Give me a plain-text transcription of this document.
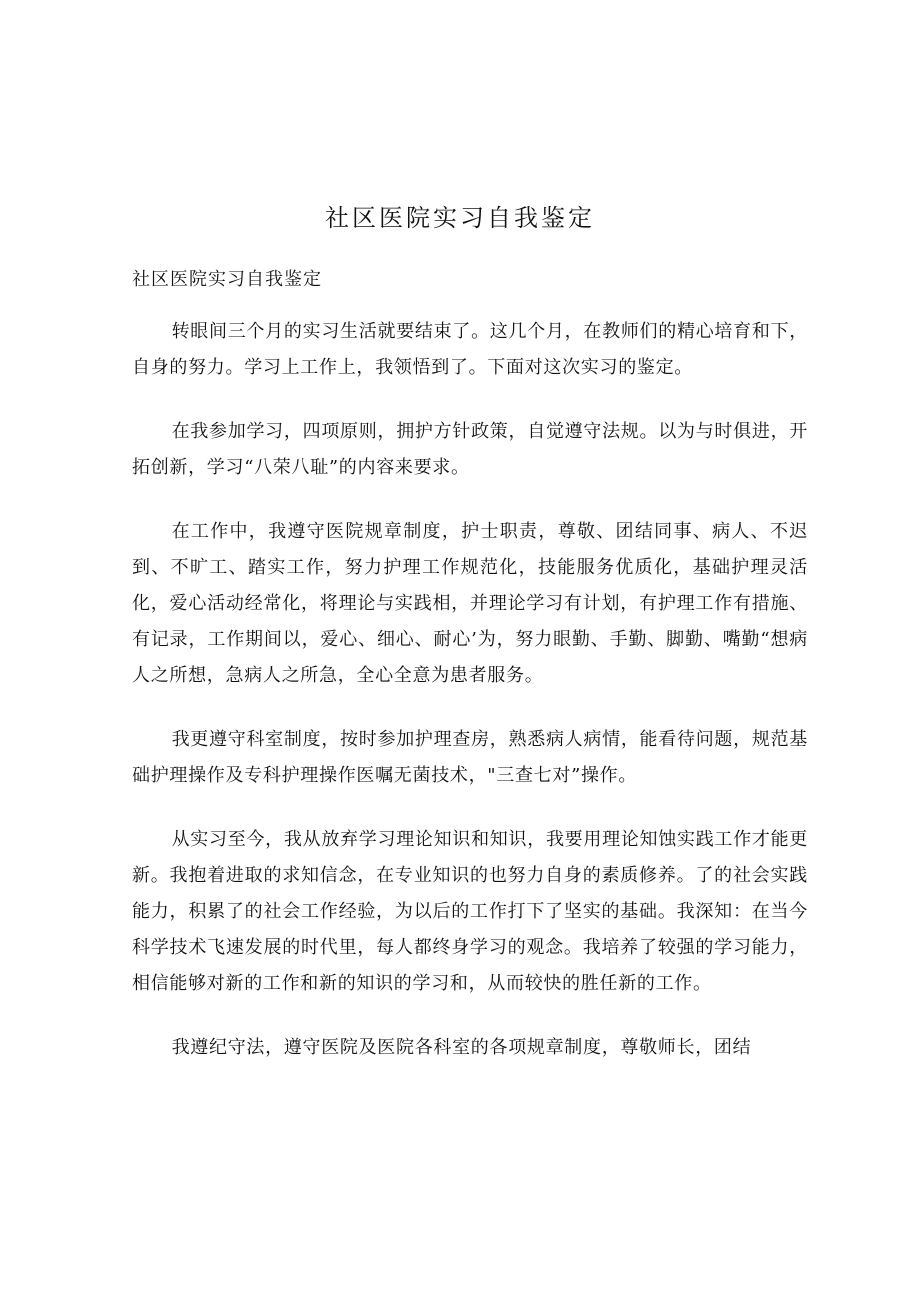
社区医院实习自我鉴定

社区医院实习自我鉴定

转眼间三个月的实习生活就要结束了。这几个月，在教师们的精心培育和下，自身的努力。学习上工作上，我领悟到了。下面对这次实习的鉴定。

在我参加学习，四项原则，拥护方针政策，自觉遵守法规。以为与时俱进，开拓创新，学习“八荣八耻”的内容来要求。

在工作中，我遵守医院规章制度，护士职责，尊敬、团结同事、病人、不迟到、不旷工、踏实工作，努力护理工作规范化，技能服务优质化，基础护理灵活化，爱心活动经常化，将理论与实践相，并理论学习有计划，有护理工作有措施、有记录，工作期间以，爱心、细心、耐心’为，努力眼勤、手勤、脚勤、嘴勤“想病人之所想，急病人之所急，全心全意为患者服务。

我更遵守科室制度，按时参加护理查房，熟悉病人病情，能看待问题，规范基础护理操作及专科护理操作医嘱无菌技术，"三查七对”操作。

从实习至今，我从放弃学习理论知识和知识，我要用理论知蚀实践工作才能更新。我抱着进取的求知信念，在专业知识的也努力自身的素质修养。了的社会实践能力，积累了的社会工作经验，为以后的工作打下了坚实的基础。我深知：在当今科学技术飞速发展的时代里，每人都终身学习的观念。我培养了较强的学习能力，相信能够对新的工作和新的知识的学习和，从而较快的胜任新的工作。

我遵纪守法，遵守医院及医院各科室的各项规章制度，尊敬师长，团结
